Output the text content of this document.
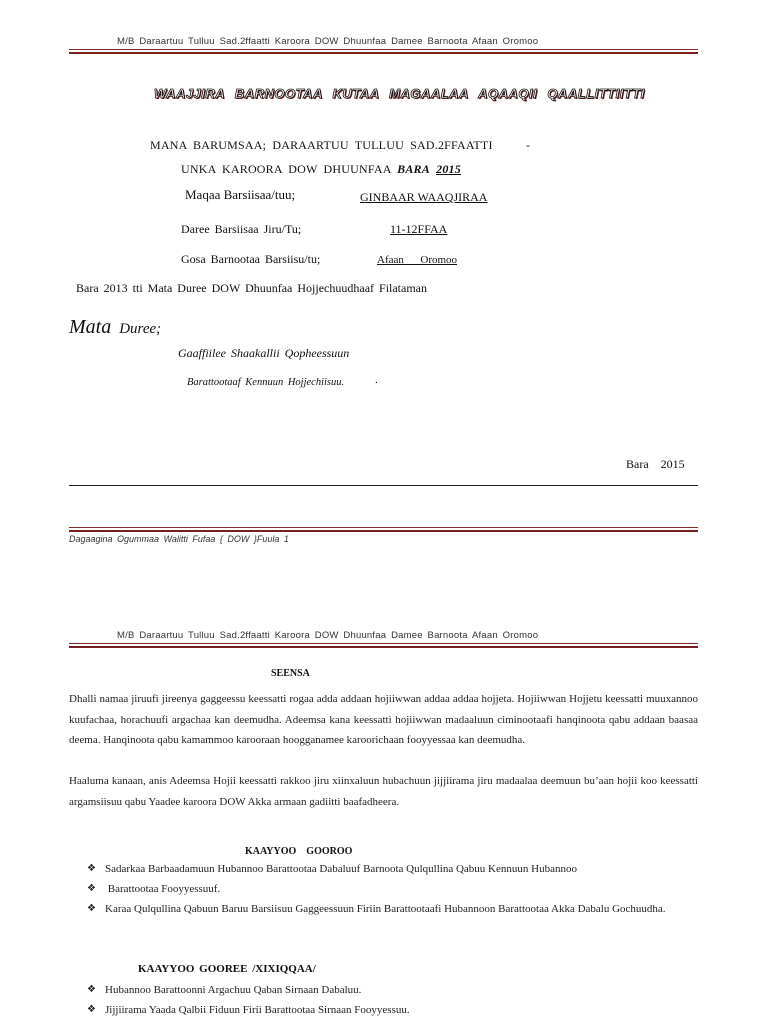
M/B Daraartuu Tulluu Sad.2ffaatti Karoora DOW Dhuunfaa Damee Barnoota Afaan Oromoo
WAAJJIRA BARNOOTAA KUTAA MAGAALAA AQAAQII QAALLITTIITTI
MANA BARUMSAA; DARAARTUU TULLUU SAD.2FFAATTI	-
UNKA KAROORA DOW DHUUNFAA BARA 2015
Maqaa Barsiisaa/tuu;	GINBAAR WAAQJIRAA
Daree Barsiisaa Jiru/Tu;	11-12FFAA
Gosa Barnootaa Barsiisu/tu;	Afaan      Oromoo
Bara 2013 tti Mata Duree DOW Dhuunfaa Hojjechuudhaaf Filataman
Mata Duree;
Gaaffiilee Shaakallii Qopheessuun
Barattootaaf Kennuun Hojjechiisuu.	.
Bara    2015
Dagaagina Ogummaa Walitti Fufaa { DOW }Fuula 1
M/B Daraartuu Tulluu Sad.2ffaatti Karoora DOW Dhuunfaa Damee Barnoota Afaan Oromoo
SEENSA
Dhalli namaa jiruufi jireenya gaggeessu keessatti rogaa adda addaan hojiiwwan addaa addaa hojjeta. Hojiiwwan Hojjetu keessatti muuxannoo kuufachaa, horachuufi argachaa kan deemudha. Adeemsa kana keessatti hojiiwwan madaaluun ciminootaafi hanqinoota qabu addaan baasaa deema. Hanqinoota qabu kamammoo karooraan hoogganamee karoorichaan fooyyessaa kan deemudha.
Haaluma kanaan, anis Adeemsa Hojii keessatti rakkoo jiru xiinxaluun hubachuun jijjiirama jiru madaalaa deemuun bu’aan hojii koo keessatti argamsiisuu qabu Yaadee karoora DOW Akka armaan gadiitti baafadheera.
KAAYYOO    GOOROO
❖ Sadarkaa Barbaadamuun Hubannoo Barattootaa Dabaluuf Barnoota Qulqullina Qabuu Kennuun Hubannoo
❖ Barattootaa Fooyyessuuf.
❖ Karaa Qulqullina Qabuun Baruu Barsiisuu Gaggeessuun Firiin Barattootaafi Hubannoon Barattootaa Akka Dabalu Gochuudha.
KAAYYOO GOOREE /XIXIQQAA/
❖ Hubannoo Barattoonni Argachuu Qaban Sirnaan Dabaluu.
❖ Jijjiirama Yaada Qalbii Fiduun Firii Barattootaa Sirnaan Fooyyessuu.
